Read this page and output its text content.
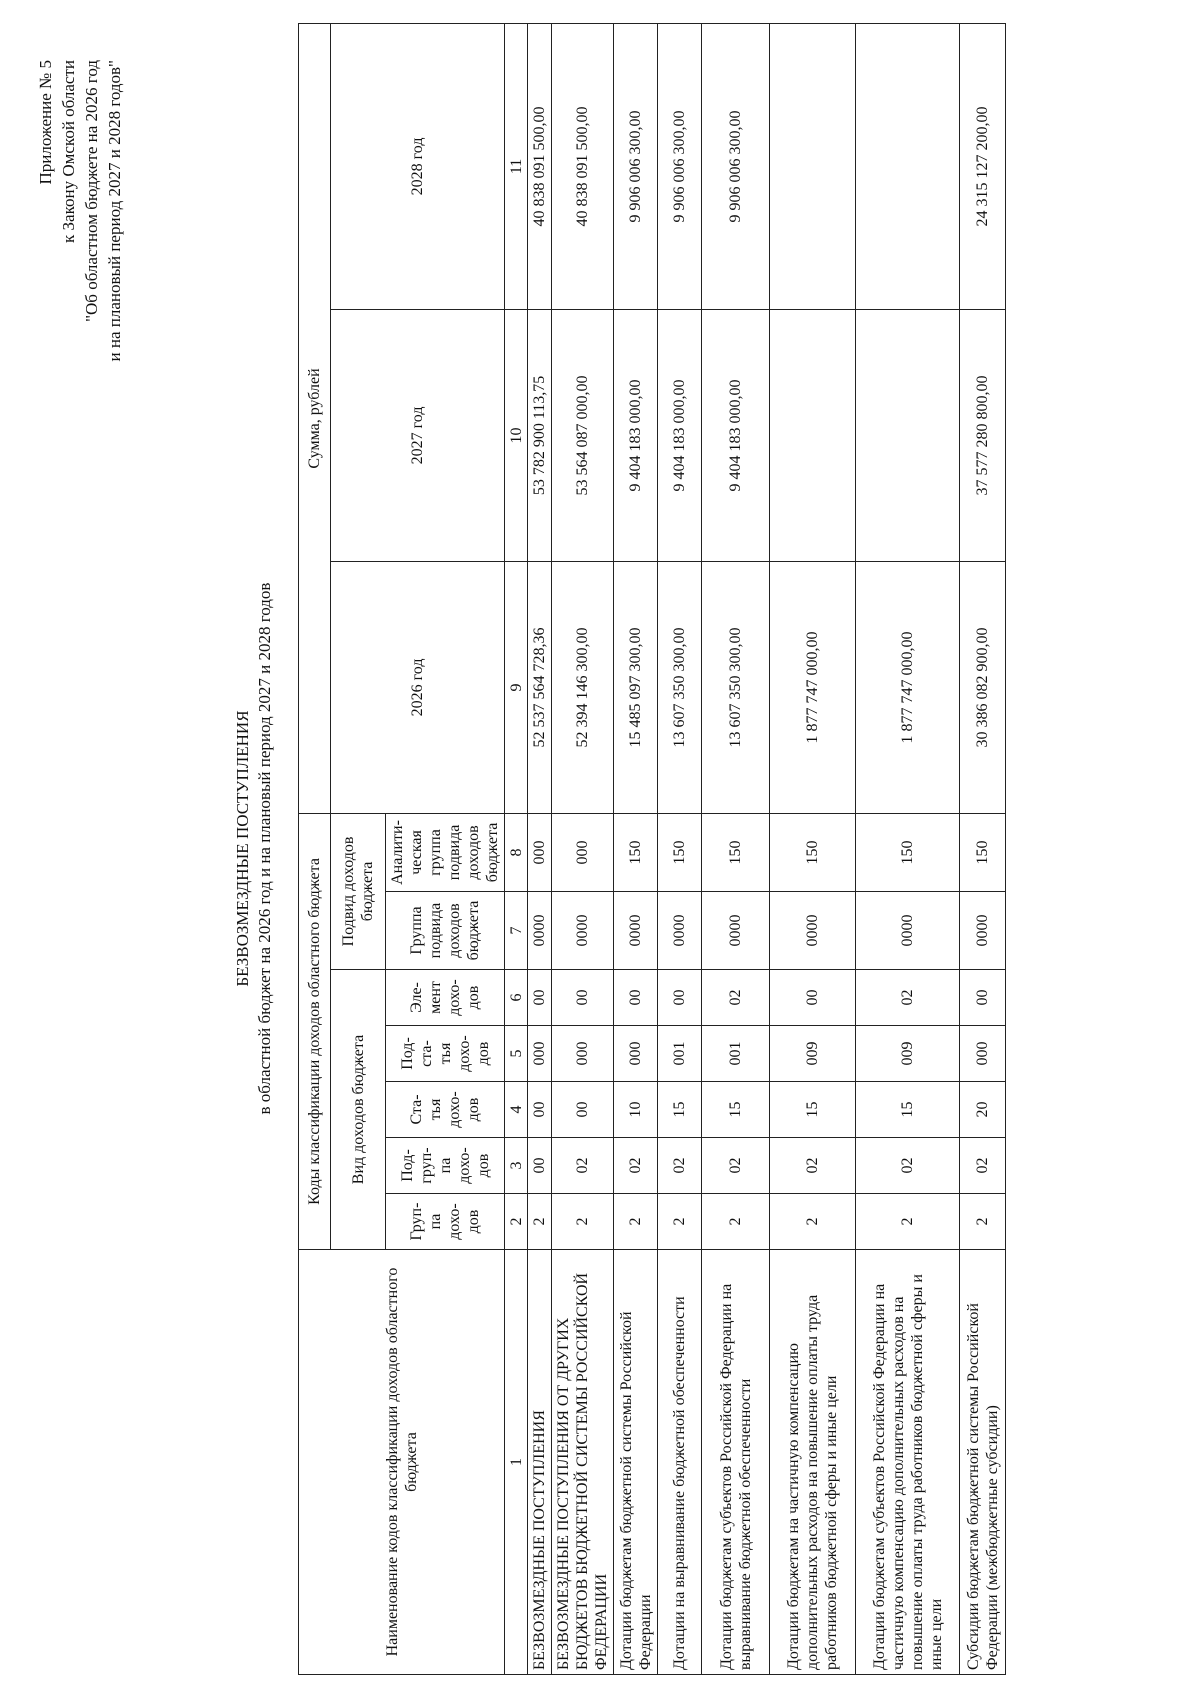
Приложение № 5 к Закону Омской области "Об областном бюджете на 2026 год и на плановый период 2027 и 2028 годов"
БЕЗВОЗМЕЗДНЫЕ ПОСТУПЛЕНИЯ в областной бюджет на 2026 год и на плановый период 2027 и 2028 годов
Наименование кодов классификации доходов областного бюджета	Коды классификации доходов областного бюджета							Сумма, рублей		
	Вид доходов бюджета					Подвид доходов бюджета		2026 год	2027 год	2028 год
	Груп-па дохо-дов	Под-груп-па дохо-дов	Ста-тья дохо-дов	Под-ста-тья дохо-дов	Эле-мент дохо-дов	Группа подвида доходов бюджета	Аналити-ческая группа подвида доходов бюджета			
1	2	3	4	5	6	7	8	9	10	11
БЕЗВОЗМЕЗДНЫЕ ПОСТУПЛЕНИЯ	2	00	00	000	00	0000	000	52 537 564 728,36	53 782 900 113,75	40 838 091 500,00
БЕЗВОЗМЕЗДНЫЕ ПОСТУПЛЕНИЯ ОТ ДРУГИХ БЮДЖЕТОВ БЮДЖЕТНОЙ СИСТЕМЫ РОССИЙСКОЙ ФЕДЕРАЦИИ	2	02	00	000	00	0000	000	52 394 146 300,00	53 564 087 000,00	40 838 091 500,00
Дотации бюджетам бюджетной системы Российской Федерации	2	02	10	000	00	0000	150	15 485 097 300,00	9 404 183 000,00	9 906 006 300,00
Дотации на выравнивание бюджетной обеспеченности	2	02	15	001	00	0000	150	13 607 350 300,00	9 404 183 000,00	9 906 006 300,00
Дотации бюджетам субъектов Российской Федерации на выравнивание бюджетной обеспеченности	2	02	15	001	02	0000	150	13 607 350 300,00	9 404 183 000,00	9 906 006 300,00
Дотации бюджетам на частичную компенсацию дополнительных расходов на повышение оплаты труда работников бюджетной сферы и иные цели	2	02	15	009	00	0000	150	1 877 747 000,00		
Дотации бюджетам субъектов Российской Федерации на частичную компенсацию дополнительных расходов на повышение оплаты труда работников бюджетной сферы и иные цели	2	02	15	009	02	0000	150	1 877 747 000,00		
Субсидии бюджетам бюджетной системы Российской Федерации (межбюджетные субсидии)	2	02	20	000	00	0000	150	30 386 082 900,00	37 577 280 800,00	24 315 127 200,00
